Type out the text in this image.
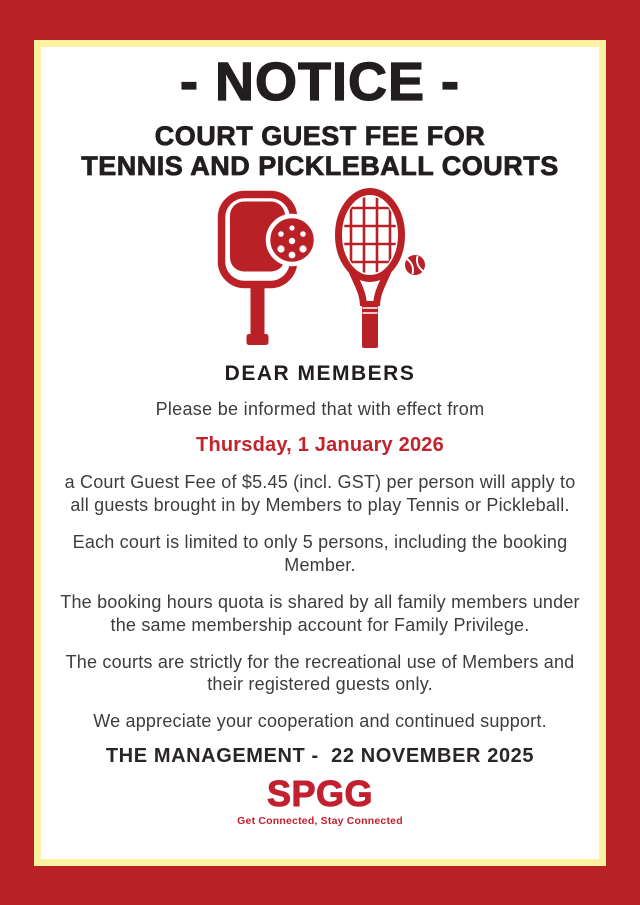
- NOTICE -
COURT GUEST FEE FOR
TENNIS AND PICKLEBALL COURTS
DEAR MEMBERS
Please be informed that with effect from
Thursday, 1 January 2026
a Court Guest Fee of $5.45 (incl. GST) per person will apply to all guests brought in by Members to play Tennis or Pickleball.
Each court is limited to only 5 persons, including the booking Member.
The booking hours quota is shared by all family members under the same membership account for Family Privilege.
The courts are strictly for the recreational use of Members and their registered guests only.
We appreciate your cooperation and continued support.
THE MANAGEMENT -  22 NOVEMBER 2025
SPGG
Get Connected, Stay Connected
